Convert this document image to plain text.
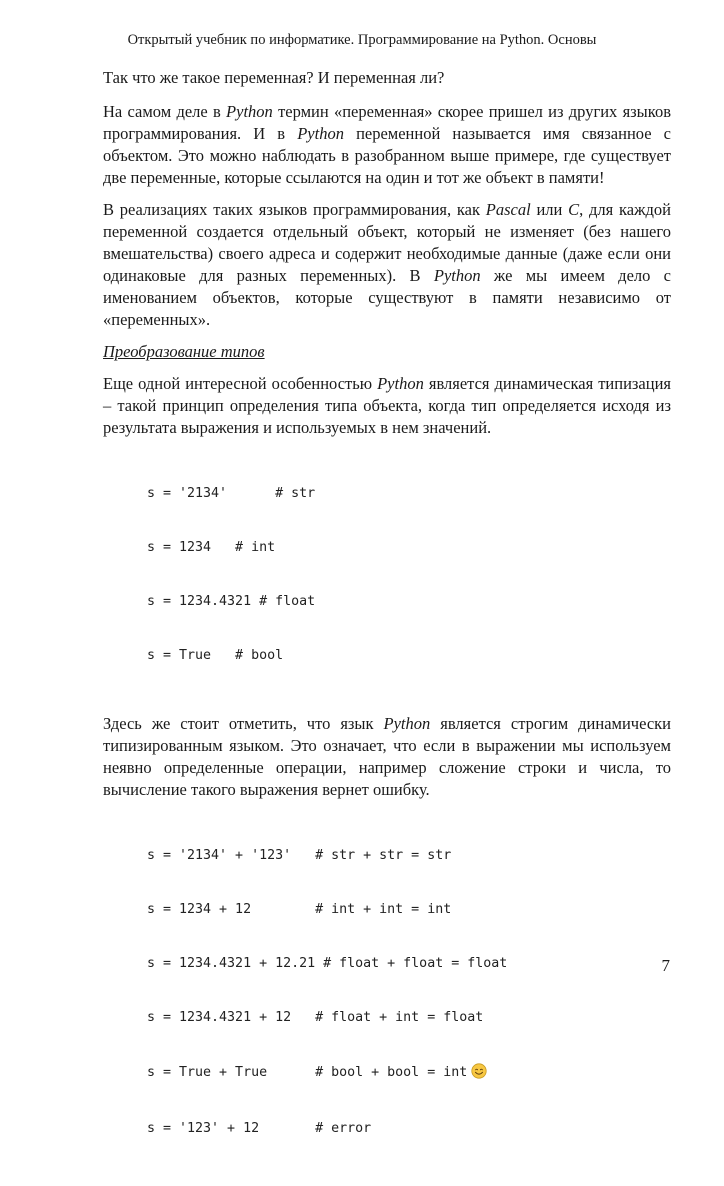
Открытый учебник по информатике. Программирование на Python. Основы

Так что же такое переменная? И переменная ли?

На самом деле в Python термин «переменная» скорее пришел из других языков программирования. И в Python переменной называется имя связанное с объектом. Это можно наблюдать в разобранном выше примере, где существует две переменные, которые ссылаются на один и тот же объект в памяти!

В реализациях таких языков программирования, как Pascal или C, для каждой переменной создается отдельный объект, который не изменяет (без нашего вмешательства) своего адреса и содержит необходимые данные (даже если они одинаковые для разных переменных). В Python же мы имеем дело с именованием объектов, которые существуют в памяти независимо от «переменных».

Преобразование типов

Еще одной интересной особенностью Python является динамическая типизация – такой принцип определения типа объекта, когда тип определяется исходя из результата выражения и используемых в нем значений.

s = '2134'      # str

s = 1234   # int

s = 1234.4321 # float

s = True   # bool

Здесь же стоит отметить, что язык Python является строгим динамически типизированным языком. Это означает, что если в выражении мы используем неявно определенные операции, например сложение строки и числа, то вычисление такого выражения вернет ошибку.

s = '2134' + '123'   # str + str = str

s = 1234 + 12        # int + int = int

s = 1234.4321 + 12.21 # float + float = float

s = 1234.4321 + 12   # float + int = float

s = True + True      # bool + bool = int

s = '123' + 12       # error

7
